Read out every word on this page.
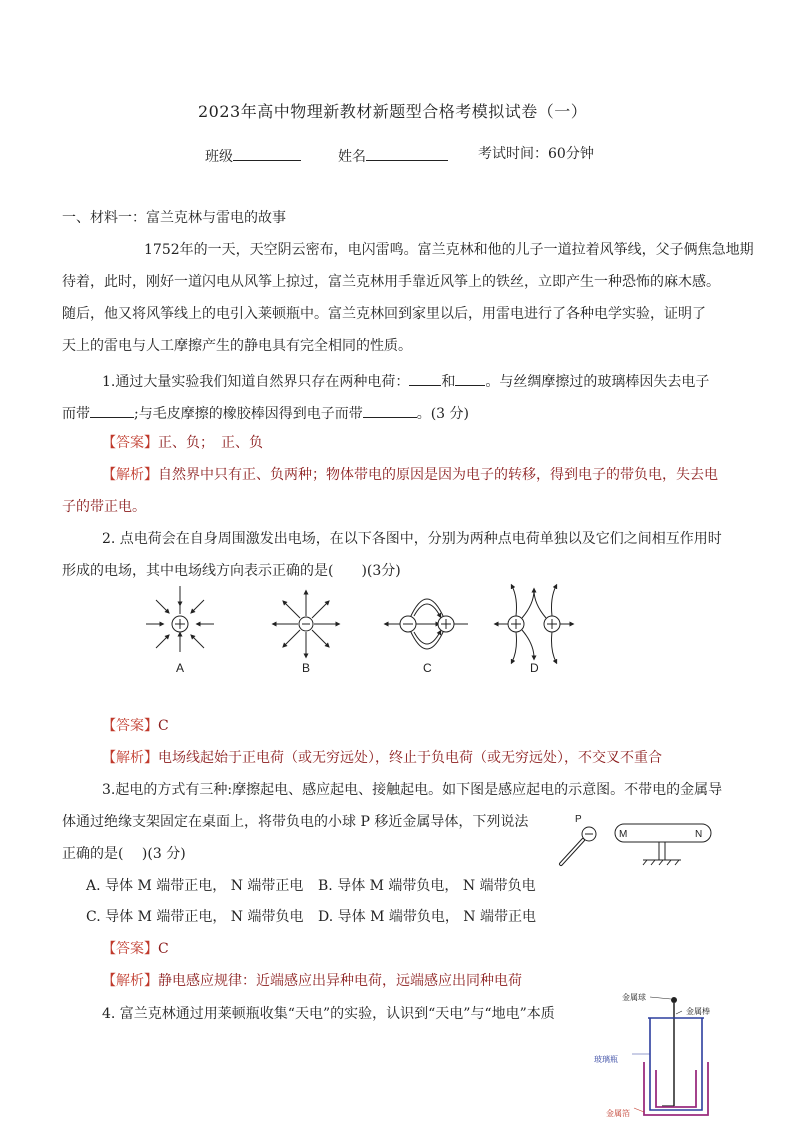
2023年高中物理新教材新题型合格考模拟试卷（一）
班级	姓名	考试时间：60分钟
一、材料一：富兰克林与雷电的故事
1752年的一天，天空阴云密布，电闪雷鸣。富兰克林和他的儿子一道拉着风筝线，父子俩焦急地期
待着，此时，刚好一道闪电从风筝上掠过，富兰克林用手靠近风筝上的铁丝，立即产生一种恐怖的麻木感。
随后，他又将风筝线上的电引入莱顿瓶中。富兰克林回到家里以后，用雷电进行了各种电学实验，证明了
天上的雷电与人工摩擦产生的静电具有完全相同的性质。
1.通过大量实验我们知道自然界只存在两种电荷： 和 。与丝绸摩擦过的玻璃棒因失去电子
而带	;与毛皮摩擦的橡胶棒因得到电子而带	。(3 分)
【答案】正、负；　正、负
【解析】自然界中只有正、负两种；物体带电的原因是因为电子的转移，得到电子的带负电，失去电
子的带正电。
2. 点电荷会在自身周围激发出电场，在以下各图中，分别为两种点电荷单独以及它们之间相互作用时
形成的电场，其中电场线方向表示正确的是(　　)(3分)
A	B	C	D
【答案】C
【解析】电场线起始于正电荷（或无穷远处），终止于负电荷（或无穷远处），不交叉不重合
3.起电的方式有三种:摩擦起电、感应起电、接触起电。如下图是感应起电的示意图。不带电的金属导
体通过绝缘支架固定在桌面上，将带负电的小球 P 移近金属导体，下列说法
正确的是(　 )(3 分)
A. 导体 M 端带正电， N 端带正电 B. 导体 M 端带负电， N 端带负电
C. 导体 M 端带正电， N 端带负电 D. 导体 M 端带负电， N 端带正电
P
M	N
【答案】C
【解析】静电感应规律：近端感应出异种电荷，远端感应出同种电荷
4. 富兰克林通过用莱顿瓶收集“天电”的实验，认识到“天电”与“地电”本质
金属球
金属棒
玻璃瓶
金属箔
